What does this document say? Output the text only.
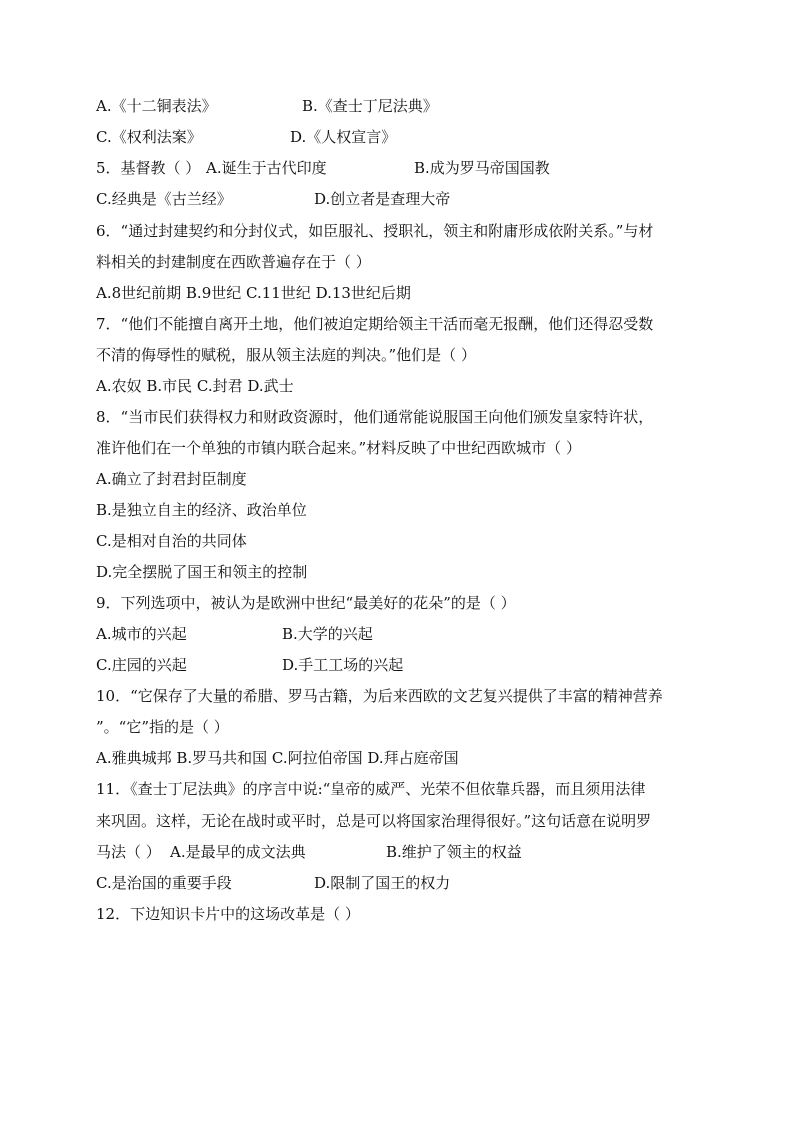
A.《十二铜表法》	B.《查士丁尼法典》
C.《权利法案》	D.《人权宣言》
5．基督教（ ） A.诞生于古代印度	B.成为罗马帝国国教
C.经典是《古兰经》	D.创立者是查理大帝
6．“通过封建契约和分封仪式，如臣服礼、授职礼，领主和附庸形成依附关系。”与材
料相关的封建制度在西欧普遍存在于（ ）
A.8世纪前期 B.9世纪 C.11世纪 D.13世纪后期
7．“他们不能擅自离开土地，他们被迫定期给领主干活而毫无报酬，他们还得忍受数
不清的侮辱性的赋税，服从领主法庭的判决。”他们是（ ）
A.农奴 B.市民 C.封君 D.武士
8．“当市民们获得权力和财政资源时，他们通常能说服国王向他们颁发皇家特许状，
准许他们在一个单独的市镇内联合起来。”材料反映了中世纪西欧城市（ ）
A.确立了封君封臣制度
B.是独立自主的经济、政治单位
C.是相对自治的共同体
D.完全摆脱了国王和领主的控制
9．下列选项中，被认为是欧洲中世纪“最美好的花朵”的是（ ）
A.城市的兴起	B.大学的兴起
C.庄园的兴起	D.手工工场的兴起
10．“它保存了大量的希腊、罗马古籍，为后来西欧的文艺复兴提供了丰富的精神营养
”。“它”指的是（ ）
A.雅典城邦 B.罗马共和国 C.阿拉伯帝国 D.拜占庭帝国
11．《查士丁尼法典》的序言中说:“皇帝的威严、光荣不但依靠兵器，而且须用法律
来巩固。这样，无论在战时或平时，总是可以将国家治理得很好。”这句话意在说明罗
马法（ ） A.是最早的成文法典	B.维护了领主的权益
C.是治国的重要手段	D.限制了国王的权力
12．下边知识卡片中的这场改革是（ ）
